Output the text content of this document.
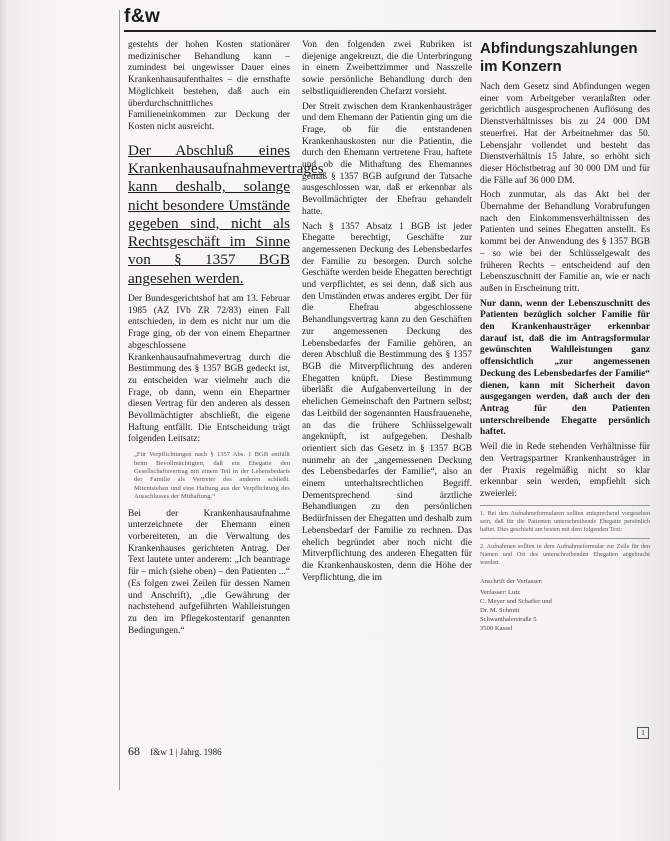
f&w

gestehts der hohen Kosten stationärer medizinischer Behandlung kann – zumindest bei ungewisser Dauer eines Krankenhausaufenthaltes – die ernsthafte Möglichkeit bestehen, daß auch ein überdurchschnittliches Familieneinkommen zur Deckung der Kosten nicht ausreicht.

Der Abschluß eines Krankenhausaufnahmevertrages kann deshalb, solange nicht besondere Umstände gegeben sind, nicht als Rechtsgeschäft im Sinne von § 1357 BGB angesehen werden.

Der Bundesgerichtshof hat am 13. Februar 1985 (AZ IVb ZR 72/83) einen Fall entschieden, in dem es nicht nur um die Frage ging, ob der von einem Ehepartner abgeschlossene Krankenhausaufnahmevertrag durch die Bestimmung des § 1357 BGB gedeckt ist, zu entscheiden war vielmehr auch die Frage, ob dann, wenn ein Ehepartner diesen Vertrag für den anderen als dessen Bevollmächtigter abschließt, die eigene Haftung entfällt. Die Entscheidung trägt folgenden Leitsatz:

„Für Verpflichtungen nach § 1357 Abs. 1 BGB entfällt beim Bevollmächtigten, daß ein Ehegatte den Gesellschaftsvertrag mit einem Teil in der Lebensbedarfs der Familie als Vertreter des anderen schließt. Mitentstehen und eine Haftung aus der Verpflichtung des Ausschlusses der Mithaftung.“

Bei der Krankenhausaufnahme unterzeichnete der Ehemann einen vorbereiteten, an die Verwaltung des Krankenhauses gerichteten Antrag. Der Text lautete unter anderem: „Ich beantrage für – mich (siehe oben) – den Patienten ...“ (Es folgen zwei Zeilen für dessen Namen und Anschrift), „die Gewährung der nachstehend aufgeführten Wahlleistungen zu den im Pflegekostentarif genannten Bedingungen.“

Von den folgenden zwei Rubriken ist diejenige angekreuzt, die die Unterbringung in einem Zweibettzimmer und Nasszelle sowie persönliche Behandlung durch den selbstliquidierenden Chefarzt vorsieht.

Der Streit zwischen dem Krankenhausträger und dem Ehemann der Patientin ging um die Frage, ob für die entstandenen Krankenhauskosten nur die Patientin, die durch den Ehemann vertretene Frau, haftete und ob die Mithaftung des Ehemannes gemäß § 1357 BGB aufgrund der Tatsache ausgeschlossen war, daß er erkennbar als Bevollmächtigter der Ehefrau gehandelt hatte.

Nach § 1357 Absatz 1 BGB ist jeder Ehegatte berechtigt, Geschäfte zur angemessenen Deckung des Lebensbedarfes der Familie zu besorgen. Durch solche Geschäfte werden beide Ehegatten berechtigt und verpflichtet, es sei denn, daß sich aus den Umständen etwas anderes ergibt. Der für die Ehefrau abgeschlossene Behandlungsvertrag kann zu den Geschäften zur angemessenen Deckung des Lebensbedarfes der Familie gehören, an deren Abschluß die Bestimmung des § 1357 BGB die Mitverpflichtung des anderen Ehegatten knüpft. Diese Bestimmung überläßt die Aufgabenverteilung in der ehelichen Gemeinschaft den Partnern selbst; das Leitbild der sogenannten Hausfrauenehe, an das die frühere Schlüsselgewalt angeknüpft, ist aufgegeben. Deshalb orientiert sich das Gesetz in § 1357 BGB nunmehr an der „angemessenen Deckung des Lebensbedarfes der Familie“, also an einem unterhaltsrechtlichen Begriff. Dementsprechend sind ärztliche Behandlungen zu den persönlichen Bedürfnissen der Ehegatten und deshalb zum Lebensbedarf der Familie zu rechnen. Das ehelich begründet aber noch nicht die Mitverpflichtung des anderen Ehegatten für die Krankenhauskosten, denn die Höhe der Verpflichtung, die im

Abfindungszahlungen im Konzern

Nach dem Gesetz sind Abfindungen wegen einer vom Arbeitgeber veranlaßten oder gerichtlich ausgesprochenen Auflösung des Dienstverhältnisses bis zu 24 000 DM steuerfrei. Hat der Arbeitnehmer das 50. Lebensjahr vollendet und besteht das Dienstverhältnis 15 Jahre, so erhöht sich dieser Höchstbetrag auf 30 000 DM und für die Fälle auf 36 000 DM.

Hoch zunmutar, als das Akt bei der Übernahme der Behandlung Vorabrufungen nach den Einkommensverhältnissen des Patienten und seines Ehegatten anstellt. Es kommt bei der Anwendung des § 1357 BGB – so wie bei der Schlüsselgewalt des früheren Rechts – entscheidend auf den Lebenszuschnitt der Familie an, wie er nach außen in Erscheinung tritt.

Nur dann, wenn der Lebenszuschnitt des Patienten bezüglich solcher Familie für den Krankenhausträger erkennbar darauf ist, daß die im Antragsformular gewünschten Wahlleistungen ganz offensichtlich „zur angemessenen Deckung des Lebensbedarfes der Familie“ dienen, kann mit Sicherheit davon ausgegangen werden, daß auch der den Antrag für den Patienten unterschreibende Ehegatte persönlich haftet.

Weil die in Rede stehenden Verhältnisse für den Vertragspartner Krankenhausträger in der Praxis regelmäßig nicht so klar erkennbar sein werden, empfiehlt sich zweierlei:

1. Bei den Aufnahmeformularen sollten entsprechend vorgesehen sein, daß für die Patienten unterschreibende Ehegatte persönlich haftet. Dies geschieht am besten mit dem folgenden Text:
2. Aufnahmen sollten in dem Aufnahmeformular zur Zeile für den Namen und Ort des unterschreibenden Ehegatten angebracht werden.
Anschrift der Verfasser:
Verfasser: Lutz
C. Meyer und Schaffer und
Dr. M. Schmitt
Schwanthalerstraße 5
3500 Kassel
68 f&w 1 | Jahrg. 1986
1
